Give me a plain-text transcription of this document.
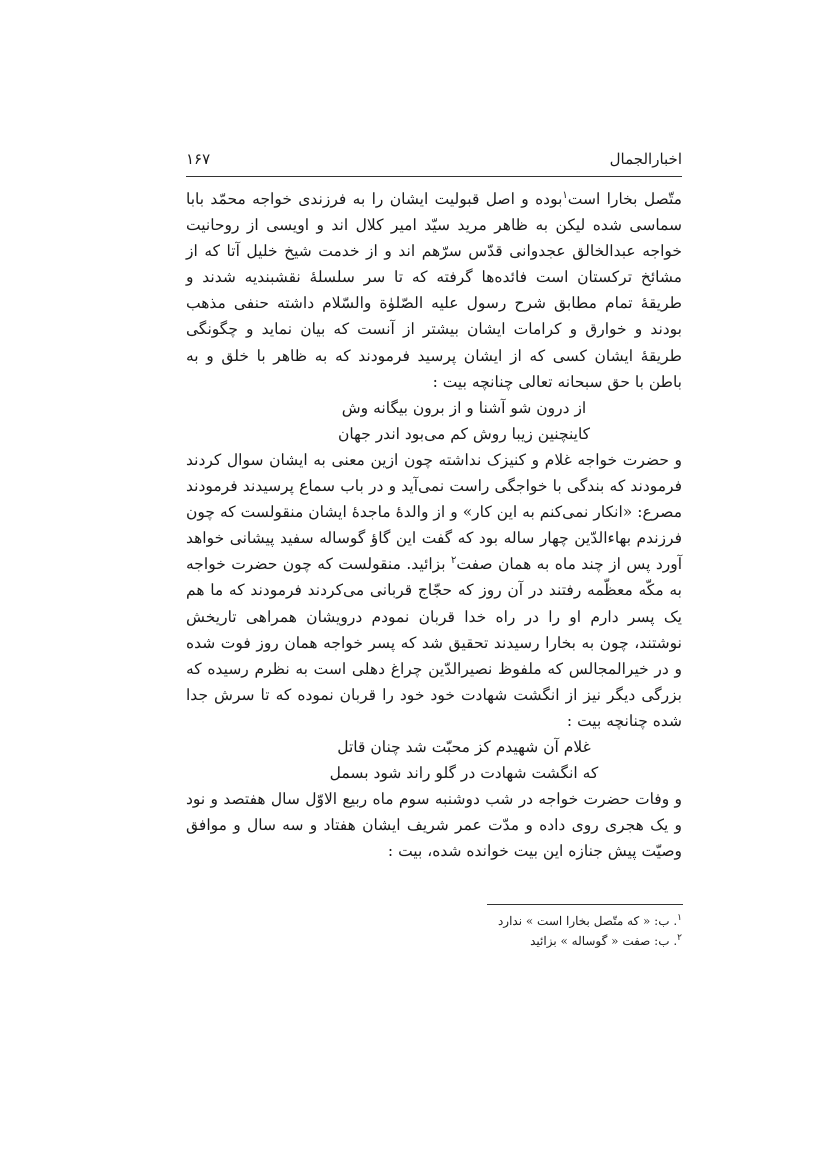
اخبارالجمال
۱۶۷

متّصل بخارا است$^۱$بوده و اصل قبولیت ایشان را به فرزندی خواجه محمّد بابا سماسی شده لیکن به ظاهر مرید سیّد امیر کلال اند و اویسی از روحانیت خواجه عبدالخالق عجدوانی قدّس سرّهم اند و از خدمت شیخ خلیل آتا که از مشائخ ترکستان است فائده‌ها گرفته که تا سر سلسلهٔ نقشبندیه شدند و طریقهٔ تمام مطابق شرح رسول علیه الصّلوٰة والسّلام داشته حنفی مذهب بودند و خوارق و کرامات ایشان بیشتر از آنست که بیان نماید و چگونگی طریقهٔ ایشان کسی که از ایشان پرسید فرمودند که به ظاهر با خلق و به باطن با حق سبحانه تعالی چنانچه بیت :

از درون شو آشنا و از برون بیگانه وش

کاینچنین زیبا روش کم می‌بود اندر جهان

و حضرت خواجه غلام و کنیزک نداشته چون ازین معنی به ایشان سوال کردند فرمودند که بندگی با خواجگی راست نمی‌آید و در باب سماع پرسیدند فرمودند مصرع: «انکار نمی‌کنم به این کار» و از والدهٔ ماجدهٔ ایشان منقولست که چون فرزندم بهاءالدّین چهار ساله بود که گفت این گاؤ گوساله سفید پیشانی خواهد آورد پس از چند ماه به همان صفت$^۲$ بزائید. منقولست که چون حضرت خواجه به مکّه معظّمه رفتند در آن روز که حجّاج قربانی می‌کردند فرمودند که ما هم یک پسر دارم او را در راه خدا قربان نمودم درویشان همراهی تاریخش نوشتند، چون به بخارا رسیدند تحقیق شد که پسر خواجه همان روز فوت شده و در خیرالمجالس که ملفوظ نصیرالدّین چراغ دهلی است به نظرم رسیده که بزرگی دیگر نیز از انگشت شهادت خود خود را قربان نموده که تا سرش جدا شده چنانچه بیت :

غلام آن شهیدم کز محبّت شد چنان قاتل

که انگشت شهادت در گلو راند شود بسمل

و وفات حضرت خواجه در شب دوشنبه سوم ماه ربیع الاوّل سال هفتصد و نود و یک هجری روی داده و مدّت عمر شریف ایشان هفتاد و سه سال و موافق وصیّت پیش جنازه این بیت خوانده شده، بیت :

$^۱$. ب: « که متّصل بخارا است » ندارد

$^۲$. ب: صفت « گوساله » بزائید
